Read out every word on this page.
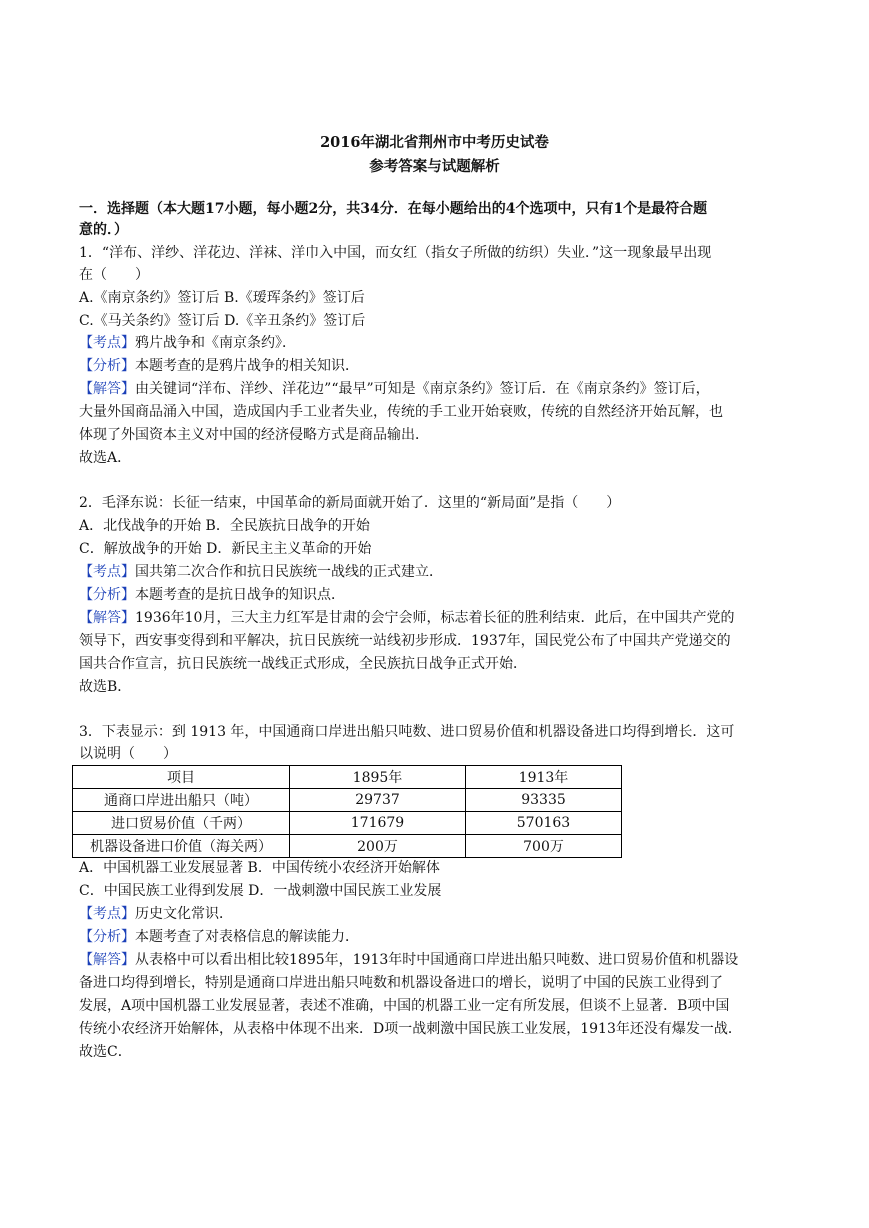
2016年湖北省荆州市中考历史试卷
参考答案与试题解析
一．选择题（本大题17小题，每小题2分，共34分．在每小题给出的4个选项中，只有1个是最符合题
意的．）
1．“洋布、洋纱、洋花边、洋袜、洋巾入中国，而女红（指女子所做的纺织）失业．”这一现象最早出现
在（　　）
A.《南京条约》签订后 B.《瑷珲条约》签订后
C.《马关条约》签订后 D.《辛丑条约》签订后
【考点】鸦片战争和《南京条约》．
【分析】本题考查的是鸦片战争的相关知识．
【解答】由关键词“洋布、洋纱、洋花边”“最早”可知是《南京条约》签订后．在《南京条约》签订后，
大量外国商品涌入中国，造成国内手工业者失业，传统的手工业开始衰败，传统的自然经济开始瓦解，也
体现了外国资本主义对中国的经济侵略方式是商品输出．
故选A．
2．毛泽东说：长征一结束，中国革命的新局面就开始了．这里的“新局面”是指（　　）
A．北伐战争的开始 B．全民族抗日战争的开始
C．解放战争的开始 D．新民主主义革命的开始
【考点】国共第二次合作和抗日民族统一战线的正式建立．
【分析】本题考查的是抗日战争的知识点．
【解答】1936年10月，三大主力红军是甘肃的会宁会师，标志着长征的胜利结束．此后，在中国共产党的
领导下，西安事变得到和平解决，抗日民族统一站线初步形成．1937年，国民党公布了中国共产党递交的
国共合作宣言，抗日民族统一战线正式形成，全民族抗日战争正式开始．
故选B．
3．下表显示：到 1913 年，中国通商口岸进出船只吨数、进口贸易价值和机器设备进口均得到增长．这可
以说明（　　）
项目	1895年	1913年
通商口岸进出船只（吨）	29737	93335
进口贸易价值（千两）	171679	570163
机器设备进口价值（海关两）	200万	700万
A．中国机器工业发展显著 B．中国传统小农经济开始解体
C．中国民族工业得到发展 D．一战刺激中国民族工业发展
【考点】历史文化常识．
【分析】本题考查了对表格信息的解读能力．
【解答】从表格中可以看出相比较1895年，1913年时中国通商口岸进出船只吨数、进口贸易价值和机器设
备进口均得到增长，特别是通商口岸进出船只吨数和机器设备进口的增长，说明了中国的民族工业得到了
发展，A项中国机器工业发展显著，表述不准确，中国的机器工业一定有所发展，但谈不上显著．B项中国
传统小农经济开始解体，从表格中体现不出来．D项一战刺激中国民族工业发展，1913年还没有爆发一战．
故选C．
